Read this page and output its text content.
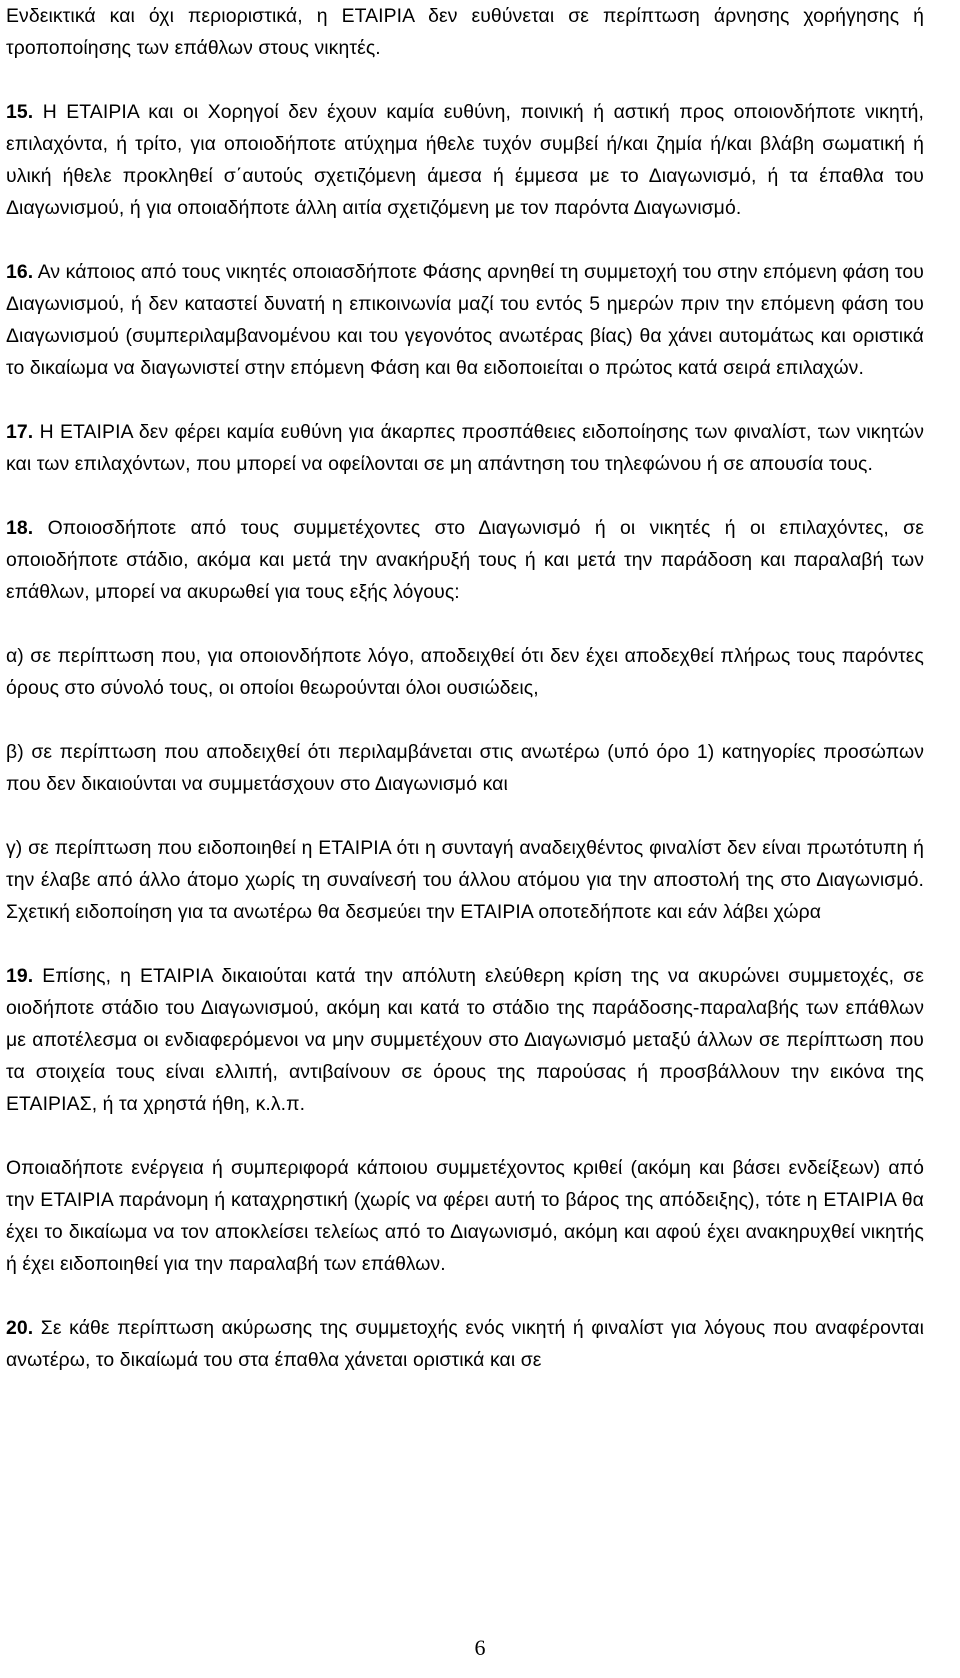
Ενδεικτικά και όχι περιοριστικά, η ΕΤΑΙΡΙΑ δεν ευθύνεται σε περίπτωση άρνησης χορήγησης ή τροποποίησης των επάθλων στους νικητές.

15. Η ΕΤΑΙΡΙΑ και οι Χορηγοί δεν έχουν καμία ευθύνη, ποινική ή αστική προς οποιονδήποτε νικητή, επιλαχόντα, ή τρίτο, για οποιοδήποτε ατύχημα ήθελε τυχόν συμβεί ή/και ζημία ή/και βλάβη σωματική ή υλική ήθελε προκληθεί σ΄αυτούς σχετιζόμενη άμεσα ή έμμεσα με το Διαγωνισμό, ή τα έπαθλα του Διαγωνισμού, ή για οποιαδήποτε άλλη αιτία σχετιζόμενη με τον παρόντα Διαγωνισμό.

16. Αν κάποιος από τους νικητές οποιασδήποτε Φάσης αρνηθεί τη συμμετοχή του στην επόμενη φάση του Διαγωνισμού, ή δεν καταστεί δυνατή η επικοινωνία μαζί του εντός 5 ημερών πριν την επόμενη φάση του Διαγωνισμού (συμπεριλαμβανομένου και του γεγονότος ανωτέρας βίας) θα χάνει αυτομάτως και οριστικά το δικαίωμα να διαγωνιστεί στην επόμενη Φάση και θα ειδοποιείται ο πρώτος κατά σειρά επιλαχών.

17. Η ΕΤΑΙΡΙΑ δεν φέρει καμία ευθύνη για άκαρπες προσπάθειες ειδοποίησης των φιναλίστ, των νικητών και των επιλαχόντων, που μπορεί να οφείλονται σε μη απάντηση του τηλεφώνου ή σε απουσία τους.

18. Οποιοσδήποτε από τους συμμετέχοντες στο Διαγωνισμό ή οι νικητές ή οι επιλαχόντες, σε οποιοδήποτε στάδιο, ακόμα και μετά την ανακήρυξή τους ή και μετά την παράδοση και παραλαβή των επάθλων, μπορεί να ακυρωθεί για τους εξής λόγους:

α) σε περίπτωση που, για οποιονδήποτε λόγο, αποδειχθεί ότι δεν έχει αποδεχθεί πλήρως τους παρόντες όρους στο σύνολό τους, οι οποίοι θεωρούνται όλοι ουσιώδεις,

β) σε περίπτωση που αποδειχθεί ότι περιλαμβάνεται στις ανωτέρω (υπό όρο 1) κατηγορίες προσώπων που δεν δικαιούνται να συμμετάσχουν στο Διαγωνισμό και

γ) σε περίπτωση που ειδοποιηθεί η ΕΤΑΙΡΙΑ ότι η συνταγή αναδειχθέντος φιναλίστ δεν είναι πρωτότυπη ή την έλαβε από άλλο άτομο χωρίς τη συναίνεσή του άλλου ατόμου για την αποστολή της στο Διαγωνισμό. Σχετική ειδοποίηση για τα ανωτέρω θα δεσμεύει την ΕΤΑΙΡΙΑ οποτεδήποτε και εάν λάβει χώρα

19. Επίσης, η ΕΤΑΙΡΙΑ δικαιούται κατά την απόλυτη ελεύθερη κρίση της να ακυρώνει συμμετοχές, σε οιοδήποτε στάδιο του Διαγωνισμού, ακόμη και κατά το στάδιο της παράδοσης-παραλαβής των επάθλων με αποτέλεσμα οι ενδιαφερόμενοι να μην συμμετέχουν στο Διαγωνισμό μεταξύ άλλων σε περίπτωση που τα στοιχεία τους είναι ελλιπή, αντιβαίνουν σε όρους της παρούσας ή προσβάλλουν την εικόνα της ΕΤΑΙΡΙΑΣ, ή τα χρηστά ήθη, κ.λ.π.

Οποιαδήποτε ενέργεια ή συμπεριφορά κάποιου συμμετέχοντος κριθεί (ακόμη και βάσει ενδείξεων) από την ΕΤΑΙΡΙΑ παράνομη ή καταχρηστική (χωρίς να φέρει αυτή το βάρος της απόδειξης), τότε η ΕΤΑΙΡΙΑ θα έχει το δικαίωμα να τον αποκλείσει τελείως από το Διαγωνισμό, ακόμη και αφού έχει ανακηρυχθεί νικητής ή έχει ειδοποιηθεί για την παραλαβή των επάθλων.

20. Σε κάθε περίπτωση ακύρωσης της συμμετοχής ενός νικητή ή φιναλίστ για λόγους που αναφέρονται ανωτέρω, το δικαίωμά του στα έπαθλα χάνεται οριστικά και σε

6
